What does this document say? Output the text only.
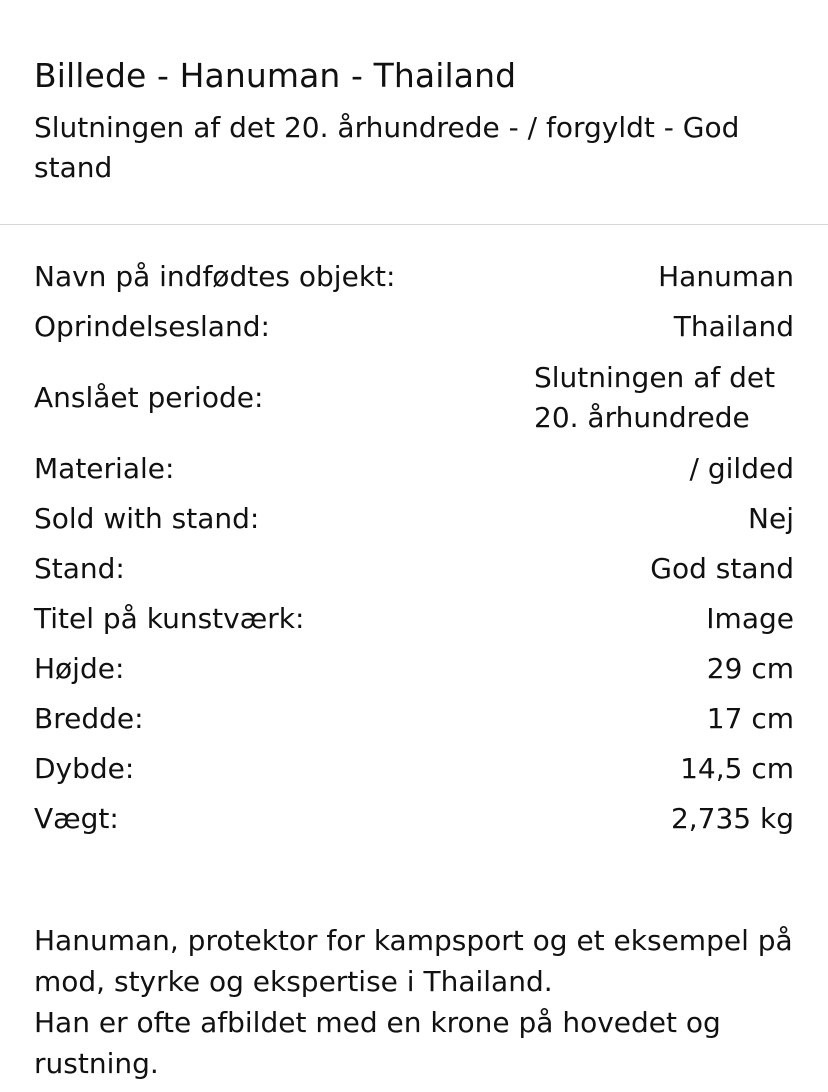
Billede - Hanuman - Thailand

Slutningen af det 20. århundrede - / forgyldt - God stand

Navn på indfødtes objekt:	Hanuman
Oprindelsesland:	Thailand
Anslået periode:
Slutningen af det 20. århundrede
Materiale:	/ gilded
Sold with stand:	Nej
Stand:	God stand
Titel på kunstværk:	Image
Højde:	29 cm
Bredde:	17 cm
Dybde:	14,5 cm
Vægt:	2,735 kg

Hanuman, protektor for kampsport og et eksempel på mod, styrke og ekspertise i Thailand.

Han er ofte afbildet med en krone på hovedet og rustning.
